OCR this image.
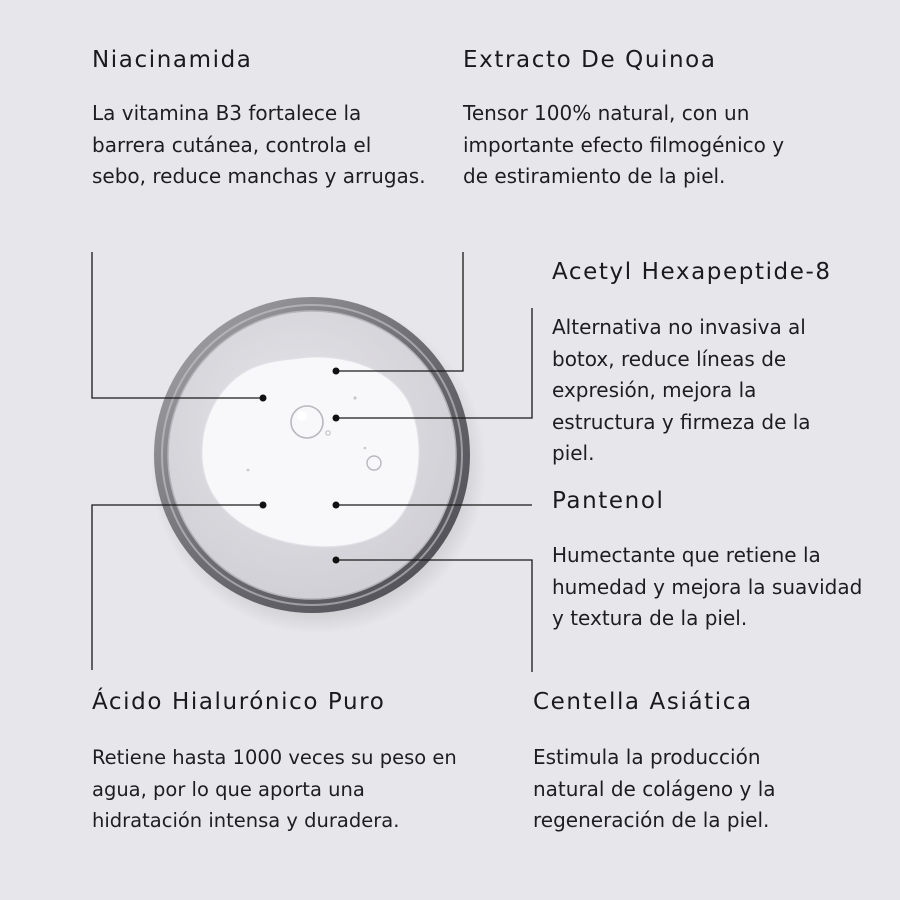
Niacinamida

La vitamina B3 fortalece la barrera cutánea, controla el sebo, reduce manchas y arrugas.

Extracto De Quinoa

Tensor 100% natural, con un importante efecto filmogénico y de estiramiento de la piel.

Acetyl Hexapeptide-8

Alternativa no invasiva al botox, reduce líneas de expresión, mejora la estructura y firmeza de la piel.

Pantenol

Humectante que retiene la humedad y mejora la suavidad y textura de la piel.

Ácido Hialurónico Puro

Retiene hasta 1000 veces su peso en agua, por lo que aporta una hidratación intensa y duradera.

Centella Asiática

Estimula la producción natural de colágeno y la regeneración de la piel.
